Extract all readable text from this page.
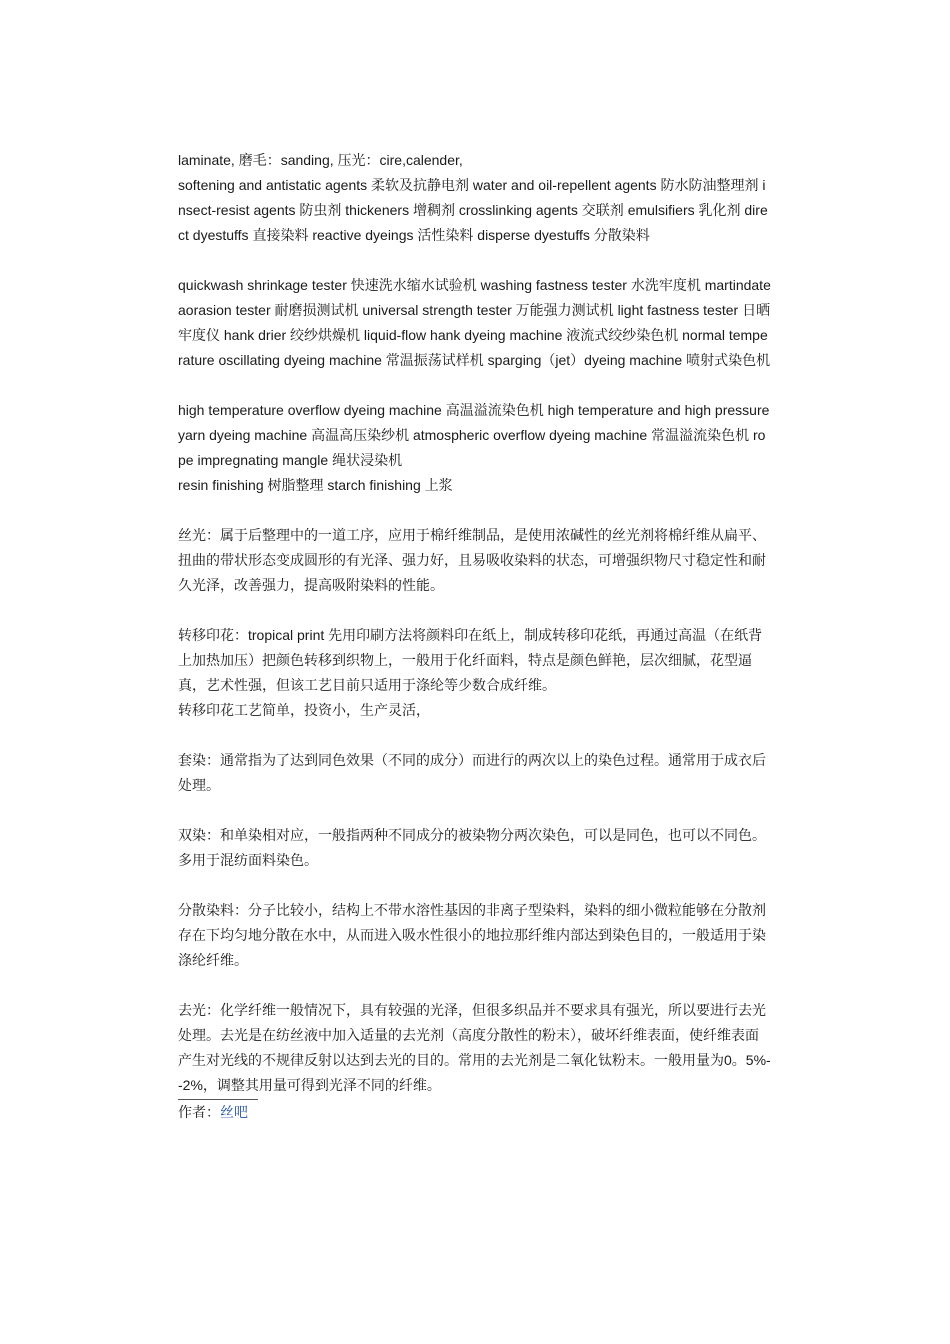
laminate, 磨毛：sanding, 压光：cire,calender,

softening and antistatic agents 柔软及抗静电剂 water and oil-repellent agents 防水防油整理剂 insect-resist agents 防虫剂 thickeners 增稠剂 crosslinking agents 交联剂 emulsifiers 乳化剂 direct dyestuffs 直接染料 reactive dyeings 活性染料 disperse dyestuffs 分散染料

quickwash shrinkage tester 快速洗水缩水试验机 washing fastness tester 水洗牢度机 martindate aorasion tester 耐磨损测试机 universal strength tester 万能强力测试机 light fastness tester 日晒牢度仪 hank drier 绞纱烘燥机 liquid-flow hank dyeing machine 液流式绞纱染色机 normal temperature oscillating dyeing machine 常温振荡试样机 sparging（jet）dyeing machine 喷射式染色机

high temperature overflow dyeing machine 高温溢流染色机 high temperature and high pressure yarn dyeing machine 高温高压染纱机 atmospheric overflow dyeing machine 常温溢流染色机 rope impregnating mangle 绳状浸染机

resin finishing 树脂整理 starch finishing 上浆

丝光：属于后整理中的一道工序，应用于棉纤维制品，是使用浓碱性的丝光剂将棉纤维从扁平、扭曲的带状形态变成圆形的有光泽、强力好，且易吸收染料的状态，可增强织物尺寸稳定性和耐久光泽，改善强力，提高吸附染料的性能。

转移印花：tropical print 先用印刷方法将颜料印在纸上，制成转移印花纸，再通过高温（在纸背上加热加压）把颜色转移到织物上，一般用于化纤面料，特点是颜色鲜艳，层次细腻，花型逼真，艺术性强，但该工艺目前只适用于涤纶等少数合成纤维。

转移印花工艺简单，投资小，生产灵活，

套染：通常指为了达到同色效果（不同的成分）而进行的两次以上的染色过程。通常用于成衣后处理。

双染：和单染相对应，一般指两种不同成分的被染物分两次染色，可以是同色，也可以不同色。多用于混纺面料染色。

分散染料：分子比较小，结构上不带水溶性基因的非离子型染料，染料的细小微粒能够在分散剂存在下均匀地分散在水中，从而进入吸水性很小的地拉那纤维内部达到染色目的，一般适用于染涤纶纤维。

去光：化学纤维一般情况下，具有较强的光泽，但很多织品并不要求具有强光，所以要进行去光处理。去光是在纺丝液中加入适量的去光剂（高度分散性的粉末），破坏纤维表面，使纤维表面产生对光线的不规律反射以达到去光的目的。常用的去光剂是二氧化钛粉末。一般用量为0。5%--2%，调整其用量可得到光泽不同的纤维。

作者：丝吧
